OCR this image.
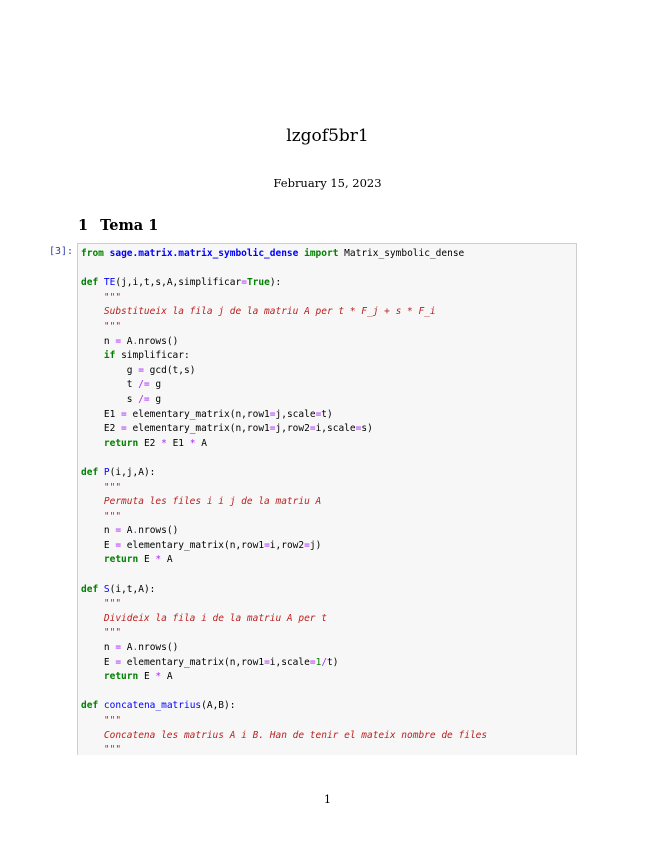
lzgof5br1
February 15, 2023
1 Tema 1
[3]: from sage.matrix.matrix_symbolic_dense import Matrix_symbolic_dense
def TE(j,i,t,s,A,simplificar=True):
"""
Substitueix la fila j de la matriu A per t * F_j + s * F_i
"""
n = A.nrows()
if simplificar:
g = gcd(t,s)
t /= g
s /= g
E1 = elementary_matrix(n,row1=j,scale=t)
E2 = elementary_matrix(n,row1=j,row2=i,scale=s)
return E2 * E1 * A
def P(i,j,A):
"""
Permuta les files i i j de la matriu A
"""
n = A.nrows()
E = elementary_matrix(n,row1=i,row2=j)
return E * A
def S(i,t,A):
"""
Divideix la fila i de la matriu A per t
"""
n = A.nrows()
E = elementary_matrix(n,row1=i,scale=1/t)
return E * A
def concatena_matrius(A,B):
"""
Concatena les matrius A i B. Han de tenir el mateix nombre de files
"""
1
